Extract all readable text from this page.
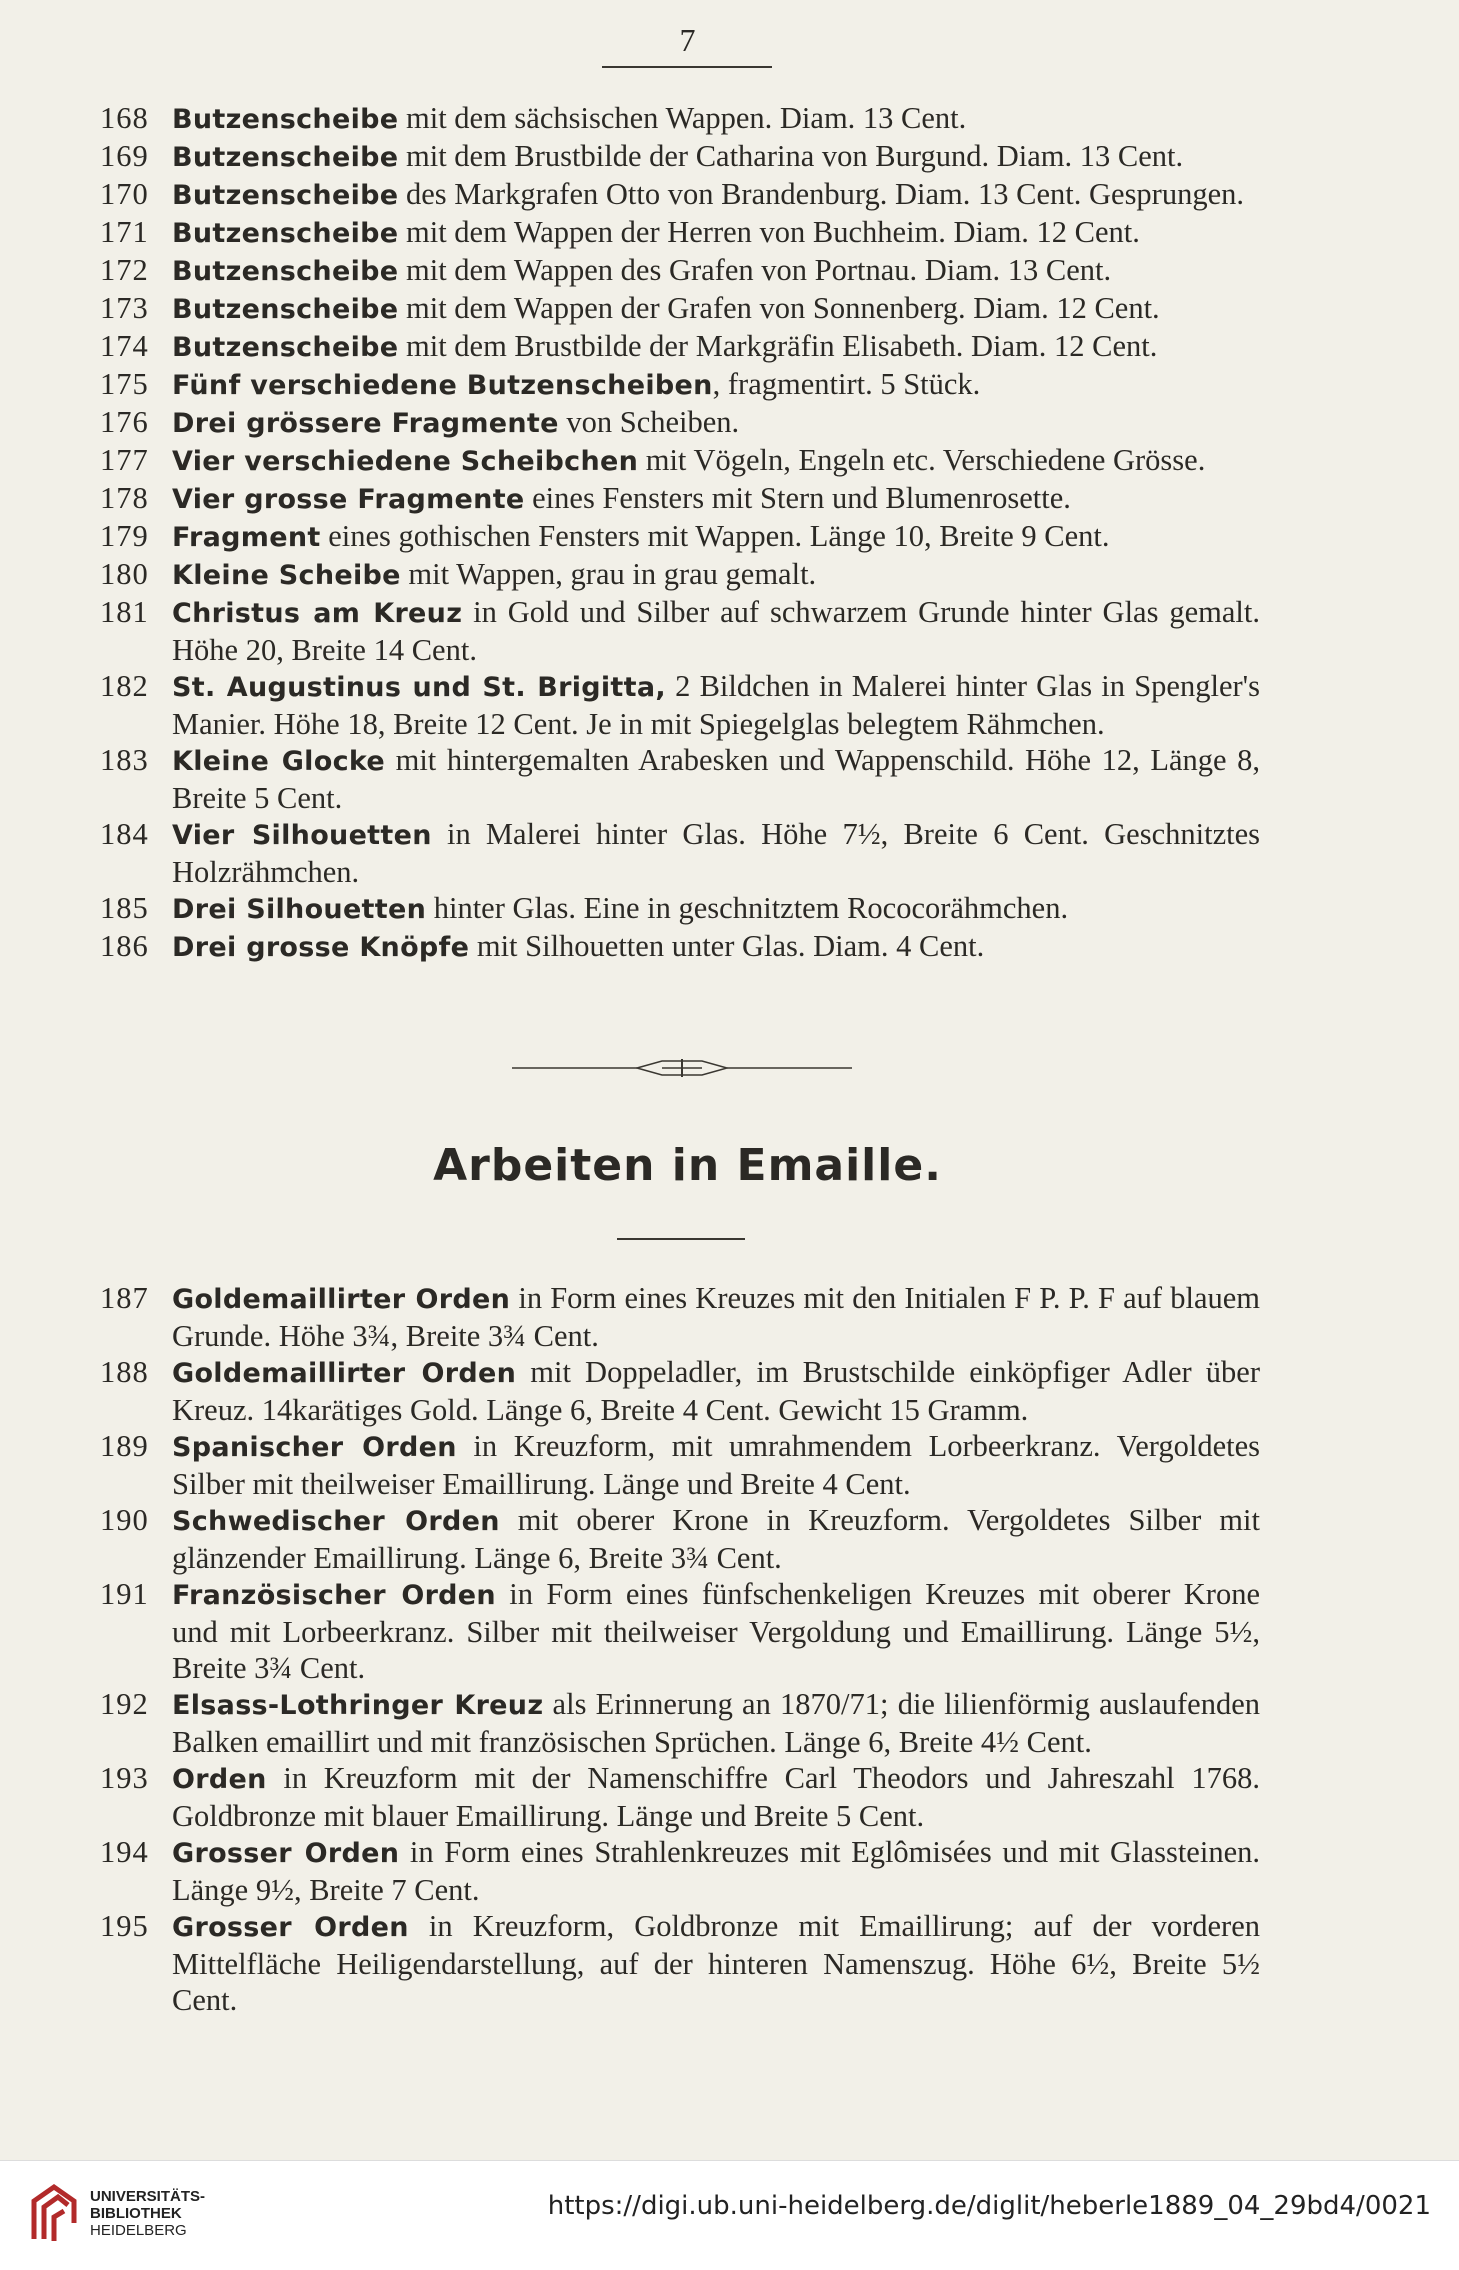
7
168 Butzenscheibe mit dem sächsischen Wappen. Diam. 13 Cent.
169 Butzenscheibe mit dem Brustbilde der Catharina von Burgund. Diam. 13 Cent.
170 Butzenscheibe des Markgrafen Otto von Brandenburg. Diam. 13 Cent. Gesprungen.
171 Butzenscheibe mit dem Wappen der Herren von Buchheim. Diam. 12 Cent.
172 Butzenscheibe mit dem Wappen des Grafen von Portnau. Diam. 13 Cent.
173 Butzenscheibe mit dem Wappen der Grafen von Sonnenberg. Diam. 12 Cent.
174 Butzenscheibe mit dem Brustbilde der Markgräfin Elisabeth. Diam. 12 Cent.
175 Fünf verschiedene Butzenscheiben, fragmentirt. 5 Stück.
176 Drei grössere Fragmente von Scheiben.
177 Vier verschiedene Scheibchen mit Vögeln, Engeln etc. Verschiedene Grösse.
178 Vier grosse Fragmente eines Fensters mit Stern und Blumenrosette.
179 Fragment eines gothischen Fensters mit Wappen. Länge 10, Breite 9 Cent.
180 Kleine Scheibe mit Wappen, grau in grau gemalt.
181 Christus am Kreuz in Gold und Silber auf schwarzem Grunde hinter Glas gemalt. Höhe 20, Breite 14 Cent.
182 St. Augustinus und St. Brigitta, 2 Bildchen in Malerei hinter Glas in Spengler's Manier. Höhe 18, Breite 12 Cent. Je in mit Spiegelglas belegtem Rähmchen.
183 Kleine Glocke mit hintergemalten Arabesken und Wappenschild. Höhe 12, Länge 8, Breite 5 Cent.
184 Vier Silhouetten in Malerei hinter Glas. Höhe 7½, Breite 6 Cent. Geschnitztes Holzrähmchen.
185 Drei Silhouetten hinter Glas. Eine in geschnitztem Rococorähmchen.
186 Drei grosse Knöpfe mit Silhouetten unter Glas. Diam. 4 Cent.
Arbeiten in Emaille.
187 Goldemaillirter Orden in Form eines Kreuzes mit den Initialen F P. P. F auf blauem Grunde. Höhe 3¾, Breite 3¾ Cent.
188 Goldemaillirter Orden mit Doppeladler, im Brustschilde einköpfiger Adler über Kreuz. 14karätiges Gold. Länge 6, Breite 4 Cent. Gewicht 15 Gramm.
189 Spanischer Orden in Kreuzform, mit umrahmendem Lorbeerkranz. Vergoldetes Silber mit theilweiser Emaillirung. Länge und Breite 4 Cent.
190 Schwedischer Orden mit oberer Krone in Kreuzform. Vergoldetes Silber mit glänzender Emaillirung. Länge 6, Breite 3¾ Cent.
191 Französischer Orden in Form eines fünfschenkeligen Kreuzes mit oberer Krone und mit Lorbeerkranz. Silber mit theilweiser Vergoldung und Emaillirung. Länge 5½, Breite 3¾ Cent.
192 Elsass-Lothringer Kreuz als Erinnerung an 1870/71; die lilienförmig auslaufenden Balken emaillirt und mit französischen Sprüchen. Länge 6, Breite 4½ Cent.
193 Orden in Kreuzform mit der Namenschiffre Carl Theodors und Jahreszahl 1768. Goldbronze mit blauer Emaillirung. Länge und Breite 5 Cent.
194 Grosser Orden in Form eines Strahlenkreuzes mit Eglômisées und mit Glassteinen. Länge 9½, Breite 7 Cent.
195 Grosser Orden in Kreuzform, Goldbronze mit Emaillirung; auf der vorderen Mittelfläche Heiligendarstellung, auf der hinteren Namenszug. Höhe 6½, Breite 5½ Cent.
UNIVERSITÄTS-
BIBLIOTHEK
HEIDELBERG
https://digi.ub.uni-heidelberg.de/diglit/heberle1889_04_29bd4/0021
